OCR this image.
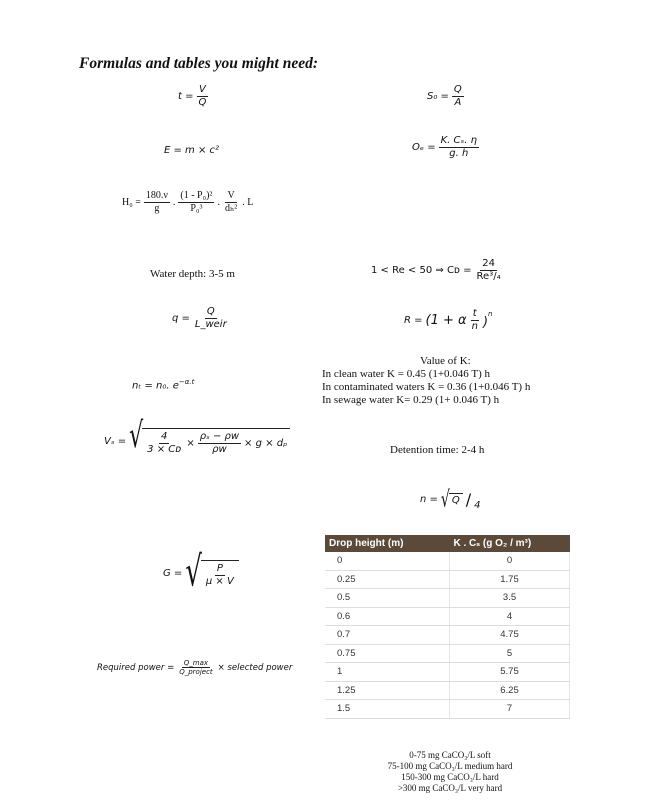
Formulas and tables you might need:
$t = \frac{V}{Q}$	$S_0 = \frac{Q}{A}$
E = m × c²	$O_e = \frac{\text{K. Cₛ. η}}{g. h}$
$H_0 = \frac{180.\nu}{g}$ . $\frac{\text{(1 - P₀)²}}{\text{P₀³}}$ . $\frac{V}{\text{dₕ²}}$ . L
Water depth: 3-5 m	1 < Re < 50 ⇒ Cᴅ = $\frac{24}{\text{Re³/₄}}$
$q = \frac{Q}{\text{L\_weir}}$	R = (1 + α $\frac{t}{n} )^n$
Value of K:
In clean water K = 0.45 (1+0.046 T) h
In contaminated waters K = 0.36 (1+0.046 T) h
In sewage water K= 0.29 (1+ 0.046 T) h
nₜ = n₀. $e^{-\alpha.t}$
Vₛ = √ $\frac{4}{\text{3 × Cᴅ}} \times \frac{\text{ρₛ − ρᴡ}}{\text{ρᴡ}} \times g \times d_p$
Detention time: 2-4 h
n = √ Q / 4
G = √ $\frac{P}{\mu \times V}$
Required power = $\frac{Q\_\max}{\text{Q\_project}}$ × selected power
Drop height (m)	K . Cₛ (g O₂ / m³)
0	0
0.25	1.75
0.5	3.5
0.6	4
0.7	4.75
0.75	5
1	5.75
1.25	6.25
1.5	7
0-75 mg CaCO₃/L soft
75-100 mg CaCO₃/L medium hard
150-300 mg CaCO₃/L hard
>300 mg CaCO₃/L very hard
